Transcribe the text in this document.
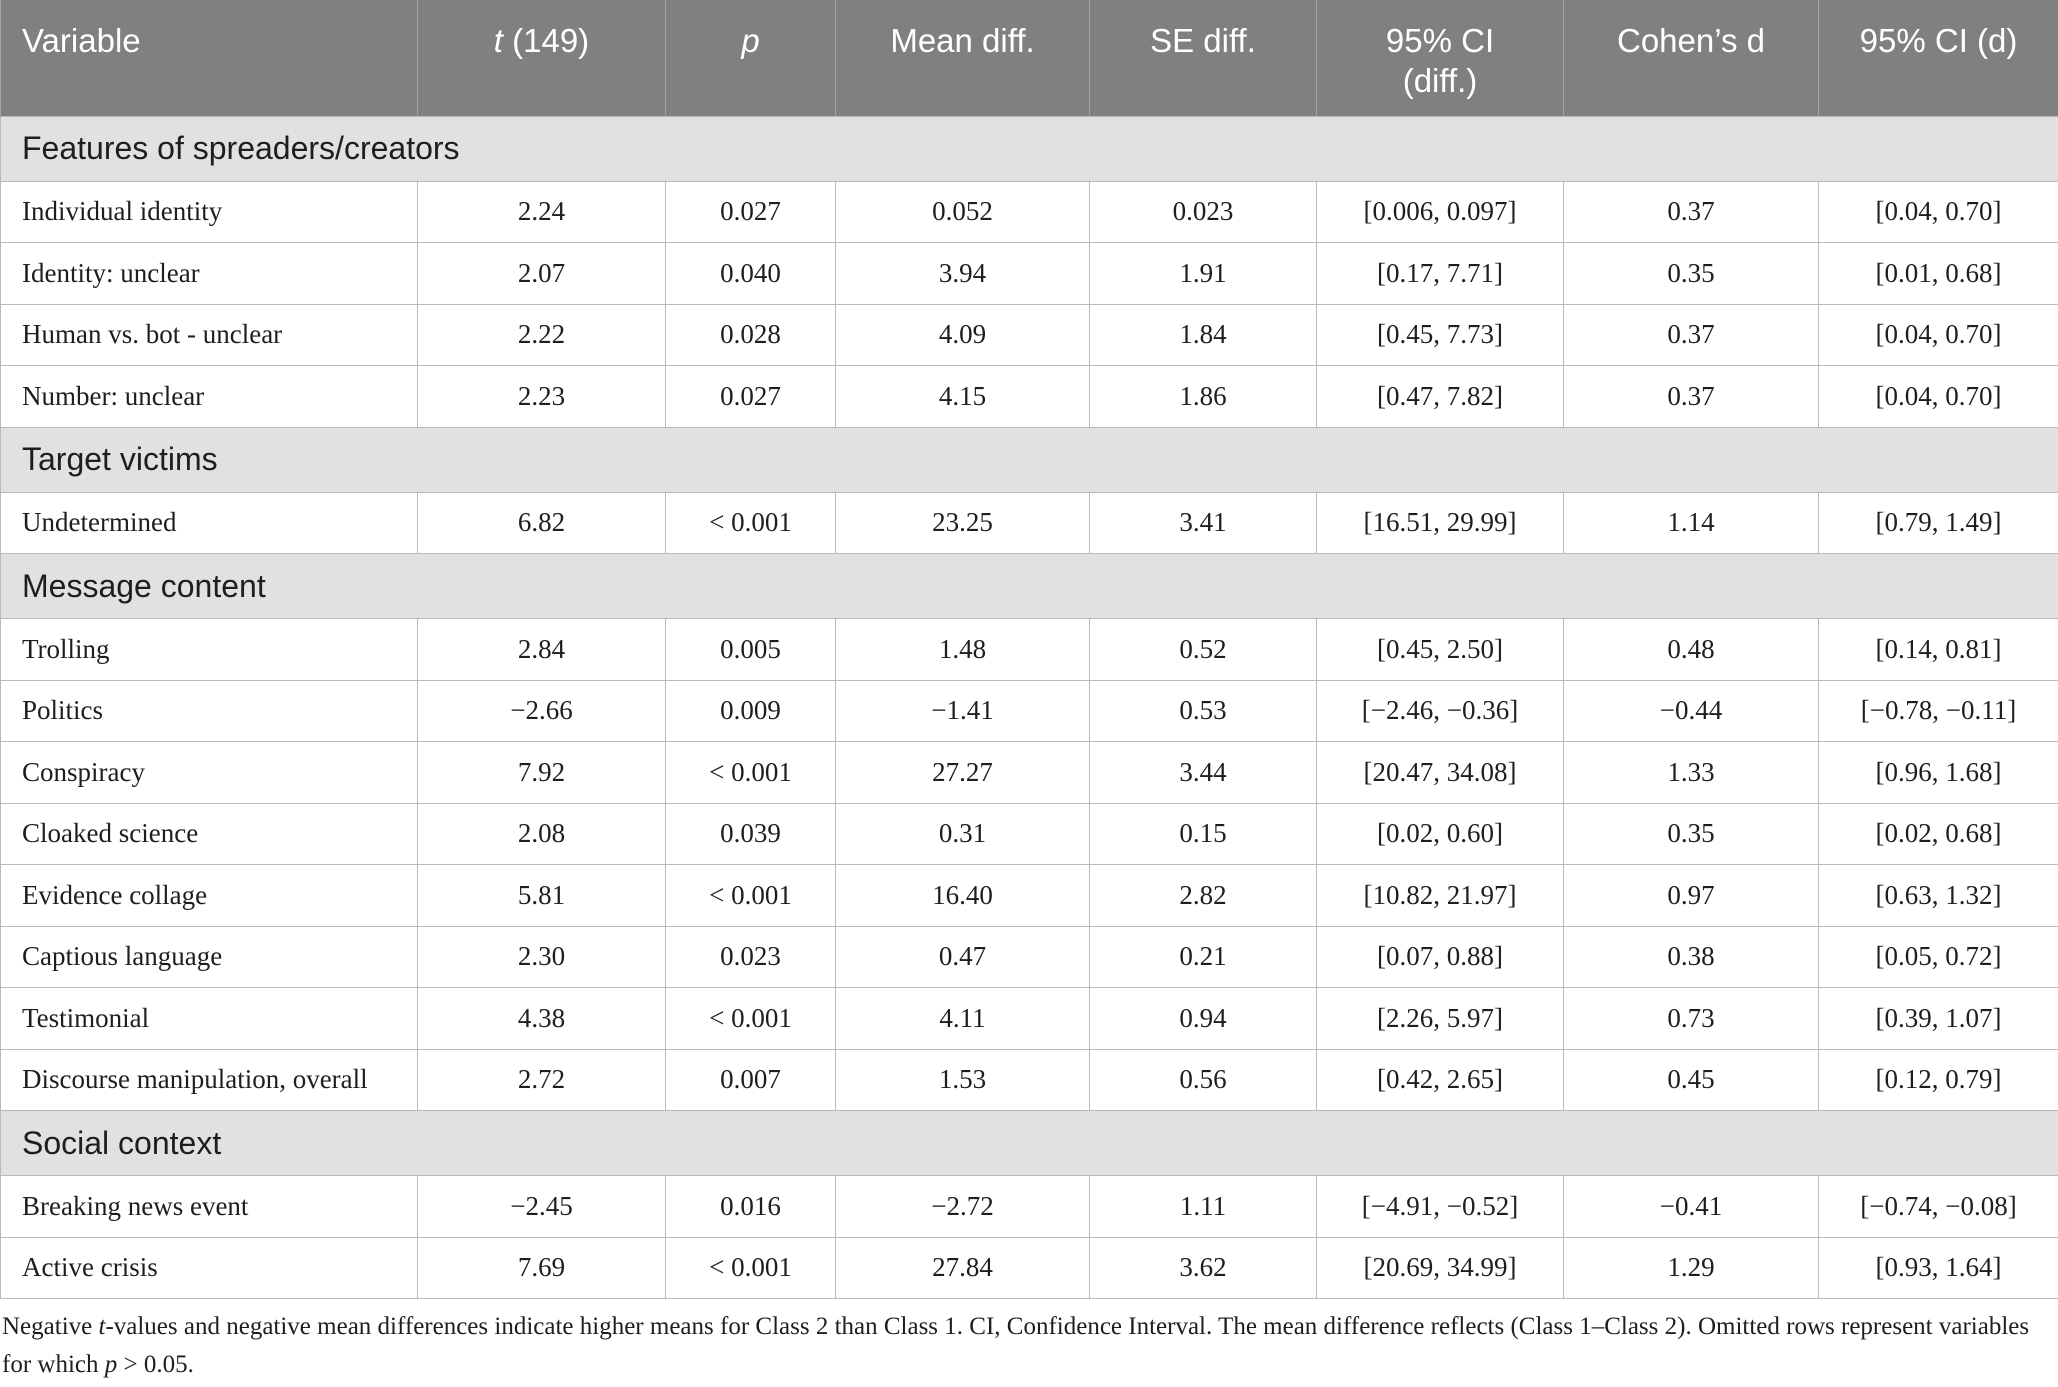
Variable	t (149)	p	Mean diff.	SE diff.	95% CI (diff.)	Cohen’s d	95% CI (d)
Features of spreaders/creators							
Individual identity	2.24	0.027	0.052	0.023	[0.006, 0.097]	0.37	[0.04, 0.70]
Identity: unclear	2.07	0.040	3.94	1.91	[0.17, 7.71]	0.35	[0.01, 0.68]
Human vs. bot - unclear	2.22	0.028	4.09	1.84	[0.45, 7.73]	0.37	[0.04, 0.70]
Number: unclear	2.23	0.027	4.15	1.86	[0.47, 7.82]	0.37	[0.04, 0.70]
Target victims							
Undetermined	6.82	< 0.001	23.25	3.41	[16.51, 29.99]	1.14	[0.79, 1.49]
Message content							
Trolling	2.84	0.005	1.48	0.52	[0.45, 2.50]	0.48	[0.14, 0.81]
Politics	−2.66	0.009	−1.41	0.53	[−2.46, −0.36]	−0.44	[−0.78, −0.11]
Conspiracy	7.92	< 0.001	27.27	3.44	[20.47, 34.08]	1.33	[0.96, 1.68]
Cloaked science	2.08	0.039	0.31	0.15	[0.02, 0.60]	0.35	[0.02, 0.68]
Evidence collage	5.81	< 0.001	16.40	2.82	[10.82, 21.97]	0.97	[0.63, 1.32]
Captious language	2.30	0.023	0.47	0.21	[0.07, 0.88]	0.38	[0.05, 0.72]
Testimonial	4.38	< 0.001	4.11	0.94	[2.26, 5.97]	0.73	[0.39, 1.07]
Discourse manipulation, overall	2.72	0.007	1.53	0.56	[0.42, 2.65]	0.45	[0.12, 0.79]
Social context							
Breaking news event	−2.45	0.016	−2.72	1.11	[−4.91, −0.52]	−0.41	[−0.74, −0.08]
Active crisis	7.69	< 0.001	27.84	3.62	[20.69, 34.99]	1.29	[0.93, 1.64]

Negative t-values and negative mean differences indicate higher means for Class 2 than Class 1. CI, Confidence Interval. The mean difference reflects (Class 1–Class 2). Omitted rows represent variables for which p > 0.05.
